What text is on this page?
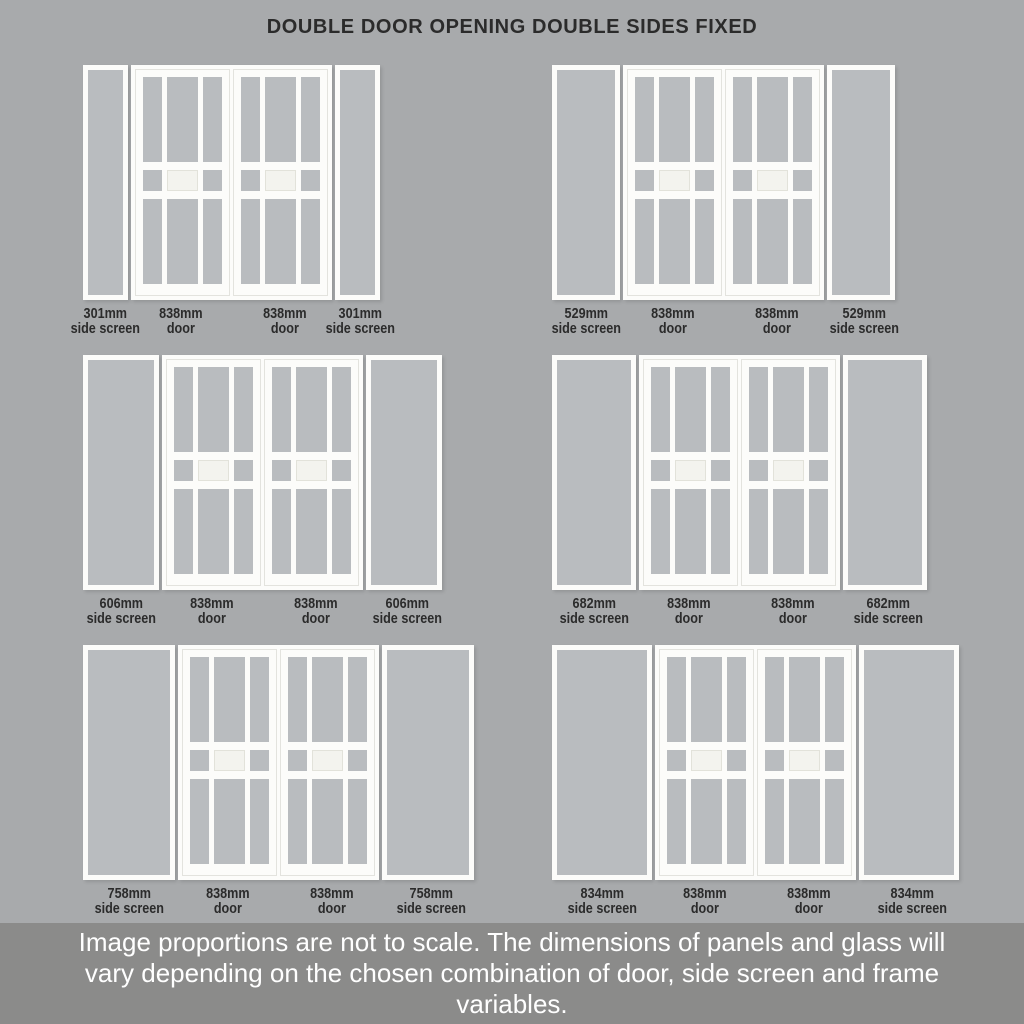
DOUBLE DOOR OPENING DOUBLE SIDES FIXED
301mm
side screen
838mm
door
838mm
door
301mm
side screen
529mm
side screen
838mm
door
838mm
door
529mm
side screen
606mm
side screen
838mm
door
838mm
door
606mm
side screen
682mm
side screen
838mm
door
838mm
door
682mm
side screen
758mm
side screen
838mm
door
838mm
door
758mm
side screen
834mm
side screen
838mm
door
838mm
door
834mm
side screen

Image proportions are not to scale. The dimensions of panels and glass will vary depending on the chosen combination of door, side screen and frame variables.
